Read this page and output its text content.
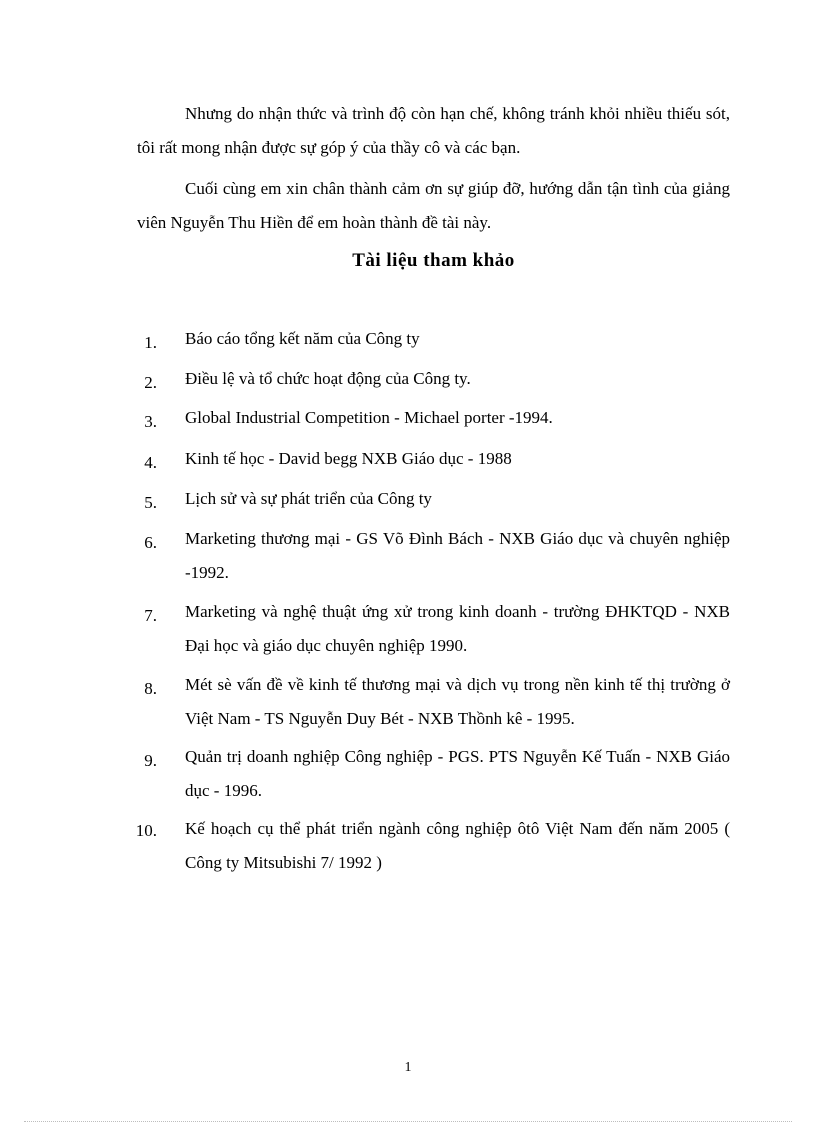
Nhưng do nhận thức và trình độ còn hạn chế, không tránh khỏi nhiều thiếu sót, tôi rất mong nhận được sự góp ý của thầy cô và các bạn.

Cuối cùng em xin chân thành cảm ơn sự giúp đỡ, hướng dẫn tận tình của giảng viên Nguyễn Thu Hiền để em hoàn thành đề tài này.

Tài liệu tham khảo
1. Báo cáo tổng kết năm của Công ty
2. Điều lệ và tổ chức hoạt động của Công ty.
3. Global Industrial Competition - Michael porter -1994.
4. Kinh tế học - David begg NXB Giáo dục - 1988
5. Lịch sử và sự phát triển của Công ty
6. Marketing thương mại - GS Võ Đình Bách - NXB Giáo dục và chuyên nghiệp -1992.
7. Marketing và nghệ thuật ứng xử trong kinh doanh - trường ĐHKTQD - NXB Đại học và giáo dục chuyên nghiệp 1990.
8. Mét sè vấn đề về kinh tế thương mại và dịch vụ trong nền kinh tế thị trường ở Việt Nam - TS Nguyễn Duy Bét - NXB Thồnh kê - 1995.
9. Quản trị doanh nghiệp Công nghiệp - PGS. PTS Nguyễn Kế Tuấn - NXB Giáo dục - 1996.
10. Kế hoạch cụ thể phát triển ngành công nghiệp ôtô Việt Nam đến năm 2005 ( Công ty Mitsubishi 7/ 1992 )
1
